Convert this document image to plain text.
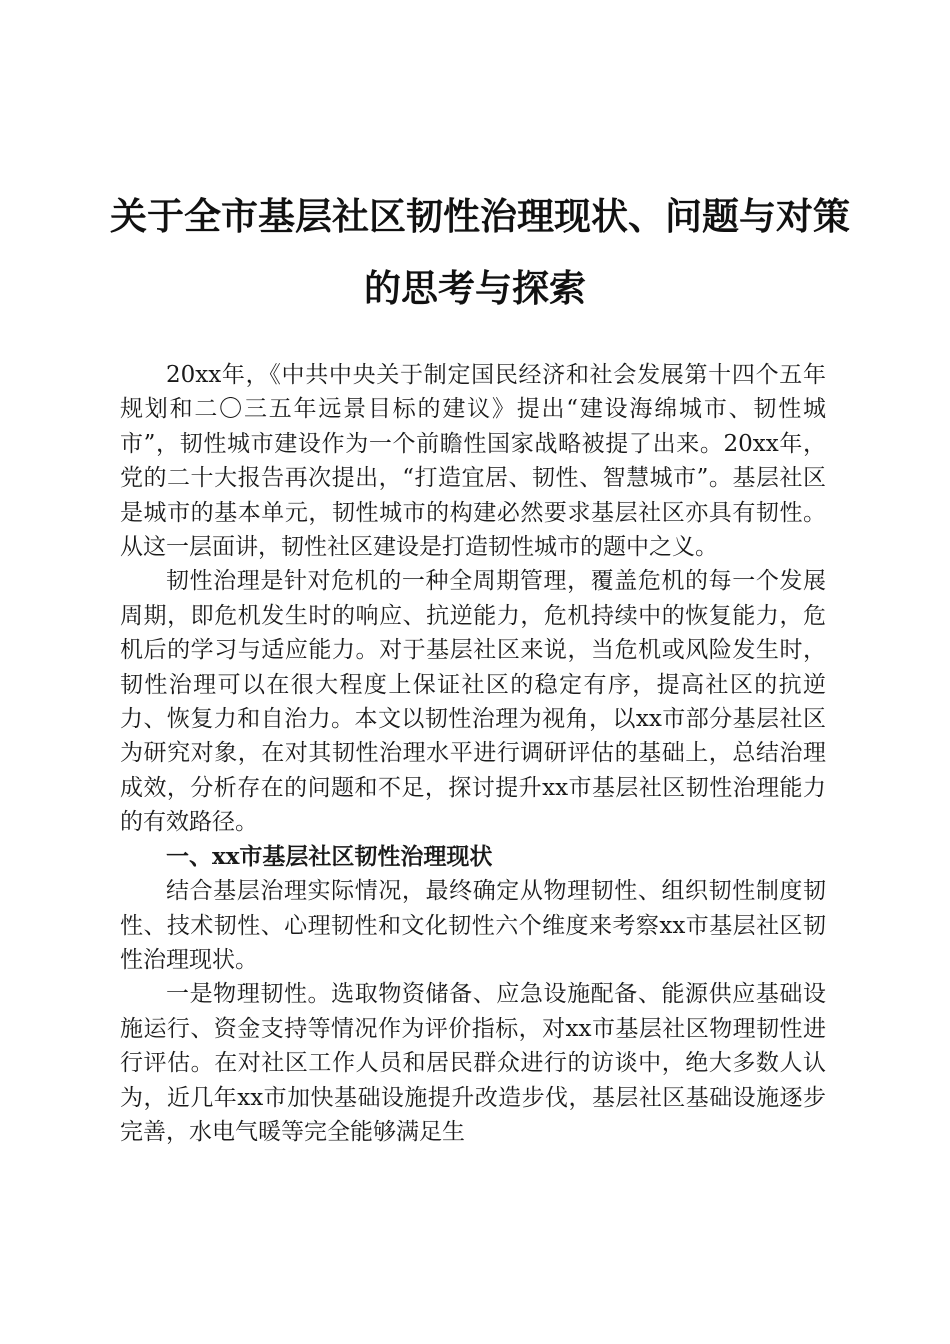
关于全市基层社区韧性治理现状、问题与对策
的思考与探索

20xx年，《中共中央关于制定国民经济和社会发展第十四个五年规划和二〇三五年远景目标的建议》提出“建设海绵城市、韧性城市”，韧性城市建设作为一个前瞻性国家战略被提了出来。20xx年，党的二十大报告再次提出，“打造宜居、韧性、智慧城市”。基层社区是城市的基本单元，韧性城市的构建必然要求基层社区亦具有韧性。从这一层面讲，韧性社区建设是打造韧性城市的题中之义。

韧性治理是针对危机的一种全周期管理，覆盖危机的每一个发展周期，即危机发生时的响应、抗逆能力，危机持续中的恢复能力，危机后的学习与适应能力。对于基层社区来说，当危机或风险发生时，韧性治理可以在很大程度上保证社区的稳定有序，提高社区的抗逆力、恢复力和自治力。本文以韧性治理为视角，以xx市部分基层社区为研究对象，在对其韧性治理水平进行调研评估的基础上，总结治理成效，分析存在的问题和不足，探讨提升xx市基层社区韧性治理能力的有效路径。

一、xx市基层社区韧性治理现状

结合基层治理实际情况，最终确定从物理韧性、组织韧性制度韧性、技术韧性、心理韧性和文化韧性六个维度来考察xx市基层社区韧性治理现状。

一是物理韧性。选取物资储备、应急设施配备、能源供应基础设施运行、资金支持等情况作为评价指标，对xx市基层社区物理韧性进行评估。在对社区工作人员和居民群众进行的访谈中，绝大多数人认为，近几年xx市加快基础设施提升改造步伐，基层社区基础设施逐步完善，水电气暖等完全能够满足生
